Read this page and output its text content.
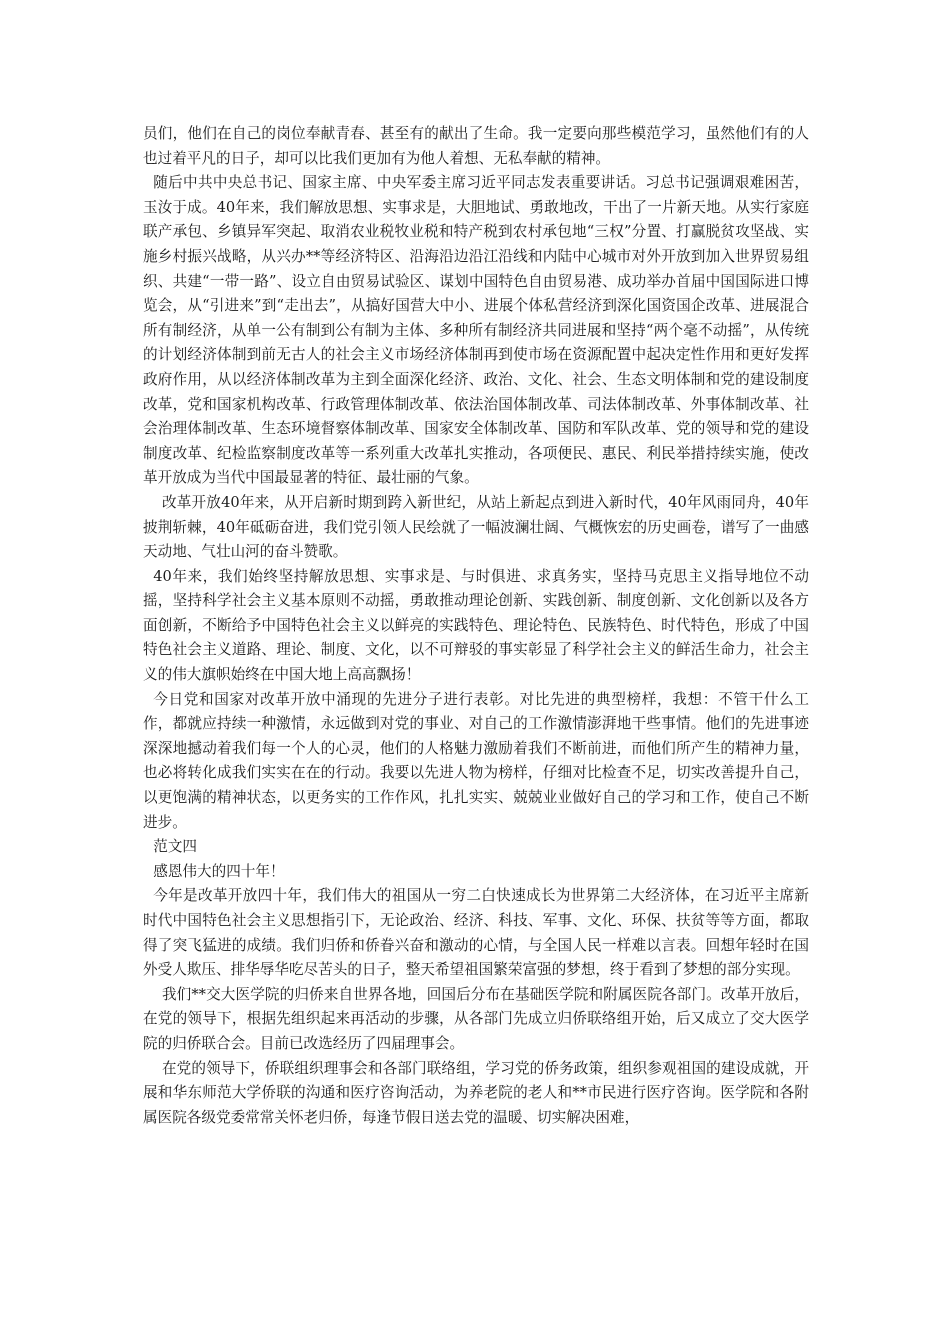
员们，他们在自己的岗位奉献青春、甚至有的献出了生命。我一定要向那些模范学习，虽然他们有的人也过着平凡的日子，却可以比我们更加有为他人着想、无私奉献的精神。

随后中共中央总书记、国家主席、中央军委主席习近平同志发表重要讲话。习总书记强调艰难困苦，玉汝于成。40年来，我们解放思想、实事求是，大胆地试、勇敢地改，干出了一片新天地。从实行家庭联产承包、乡镇异军突起、取消农业税牧业税和特产税到农村承包地“三权”分置、打赢脱贫攻坚战、实施乡村振兴战略，从兴办**等经济特区、沿海沿边沿江沿线和内陆中心城市对外开放到加入世界贸易组织、共建“一带一路”、设立自由贸易试验区、谋划中国特色自由贸易港、成功举办首届中国国际进口博览会，从“引进来”到“走出去”，从搞好国营大中小、进展个体私营经济到深化国资国企改革、进展混合所有制经济，从单一公有制到公有制为主体、多种所有制经济共同进展和坚持“两个毫不动摇”，从传统的计划经济体制到前无古人的社会主义市场经济体制再到使市场在资源配置中起决定性作用和更好发挥政府作用，从以经济体制改革为主到全面深化经济、政治、文化、社会、生态文明体制和党的建设制度改革，党和国家机构改革、行政管理体制改革、依法治国体制改革、司法体制改革、外事体制改革、社会治理体制改革、生态环境督察体制改革、国家安全体制改革、国防和军队改革、党的领导和党的建设制度改革、纪检监察制度改革等一系列重大改革扎实推动，各项便民、惠民、利民举措持续实施，使改革开放成为当代中国最显著的特征、最壮丽的气象。

改革开放40年来，从开启新时期到跨入新世纪，从站上新起点到进入新时代，40年风雨同舟，40年披荆斩棘，40年砥砺奋进，我们党引领人民绘就了一幅波澜壮阔、气概恢宏的历史画卷，谱写了一曲感天动地、气壮山河的奋斗赞歌。

40年来，我们始终坚持解放思想、实事求是、与时俱进、求真务实，坚持马克思主义指导地位不动摇，坚持科学社会主义基本原则不动摇，勇敢推动理论创新、实践创新、制度创新、文化创新以及各方面创新，不断给予中国特色社会主义以鲜亮的实践特色、理论特色、民族特色、时代特色，形成了中国特色社会主义道路、理论、制度、文化，以不可辩驳的事实彰显了科学社会主义的鲜活生命力，社会主义的伟大旗帜始终在中国大地上高高飘扬！

今日党和国家对改革开放中涌现的先进分子进行表彰。对比先进的典型榜样，我想：不管干什么工作，都就应持续一种激情，永远做到对党的事业、对自己的工作激情澎湃地干些事情。他们的先进事迹深深地撼动着我们每一个人的心灵，他们的人格魅力激励着我们不断前进，而他们所产生的精神力量，也必将转化成我们实实在在的行动。我要以先进人物为榜样，仔细对比检查不足，切实改善提升自己，以更饱满的精神状态，以更务实的工作作风，扎扎实实、兢兢业业做好自己的学习和工作，使自己不断进步。

范文四

感恩伟大的四十年！

今年是改革开放四十年，我们伟大的祖国从一穷二白快速成长为世界第二大经济体，在习近平主席新时代中国特色社会主义思想指引下，无论政治、经济、科技、军事、文化、环保、扶贫等等方面，都取得了突飞猛进的成绩。我们归侨和侨眷兴奋和激动的心情，与全国人民一样难以言表。回想年轻时在国外受人欺压、排华辱华吃尽苦头的日子，整天希望祖国繁荣富强的梦想，终于看到了梦想的部分实现。

我们**交大医学院的归侨来自世界各地，回国后分布在基础医学院和附属医院各部门。改革开放后，在党的领导下，根据先组织起来再活动的步骤，从各部门先成立归侨联络组开始，后又成立了交大医学院的归侨联合会。目前已改选经历了四届理事会。

在党的领导下，侨联组织理事会和各部门联络组，学习党的侨务政策，组织参观祖国的建设成就，开展和华东师范大学侨联的沟通和医疗咨询活动，为养老院的老人和**市民进行医疗咨询。医学院和各附属医院各级党委常常关怀老归侨，每逢节假日送去党的温暖、切实解决困难，
